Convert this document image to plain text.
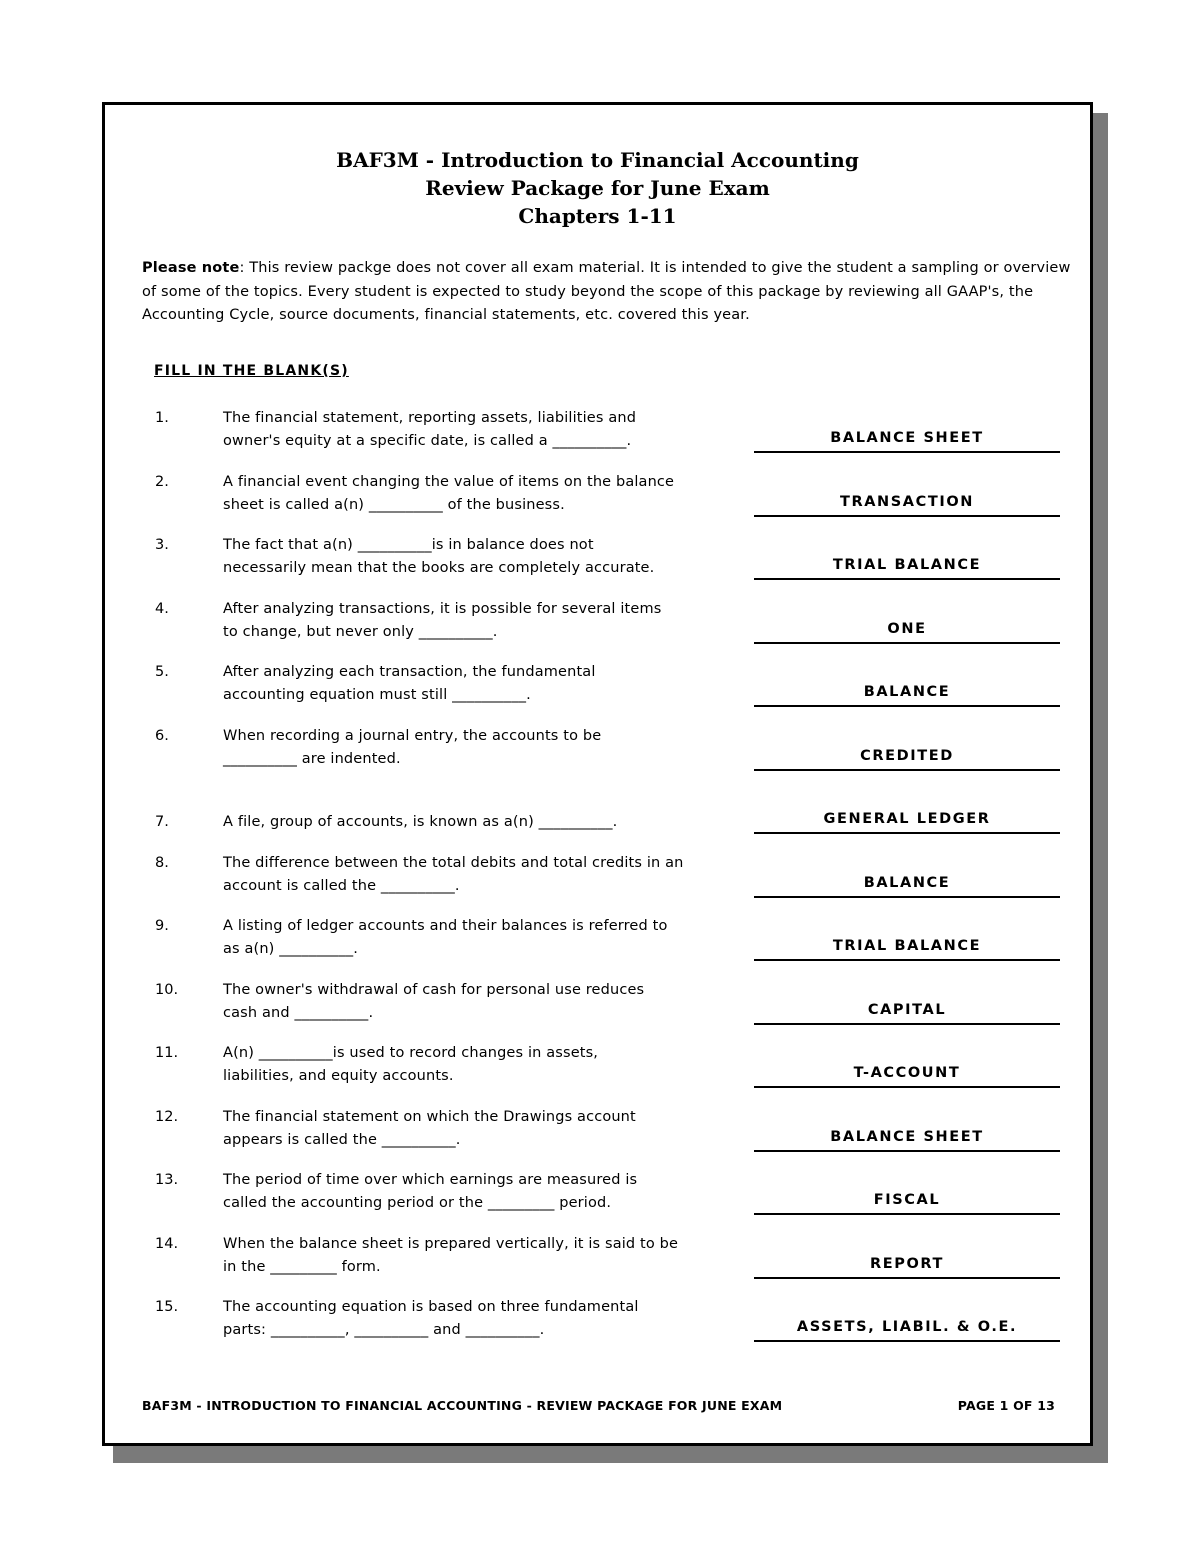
BAF3M - Introduction to Financial Accounting
Review Package for June Exam
Chapters 1-11
Please note: This review packge does not cover all exam material. It is intended to give the student a sampling or overview of some of the topics. Every student is expected to study beyond the scope of this package by reviewing all GAAP's, the Accounting Cycle, source documents, financial statements, etc. covered this year.
FILL IN THE BLANK(S)
1.	The financial statement, reporting assets, liabilities and
owner's equity at a specific date, is called a __________.	BALANCE SHEET
2.	A financial event changing the value of items on the balance
sheet is called a(n) __________ of the business.	TRANSACTION
3.	The fact that a(n) __________is in balance does not
necessarily mean that the books are completely accurate.	TRIAL BALANCE
4.	After analyzing transactions, it is possible for several items
to change, but never only __________.	ONE
5.	After analyzing each transaction, the fundamental
accounting equation must still __________.	BALANCE
6.	When recording a journal entry, the accounts to be
__________ are indented.	CREDITED
7.	A file, group of accounts, is known as a(n) __________.	GENERAL LEDGER
8.	The difference between the total debits and total credits in an
account is called the __________.	BALANCE
9.	A listing of ledger accounts and their balances is referred to
as a(n) __________.	TRIAL BALANCE
10.	The owner's withdrawal of cash for personal use reduces
cash and __________.	CAPITAL
11.	A(n) __________is used to record changes in assets,
liabilities, and equity accounts.	T-ACCOUNT
12.	The financial statement on which the Drawings account
appears is called the __________.	BALANCE SHEET
13.	The period of time over which earnings are measured is
called the accounting period or the _________ period.	FISCAL
14.	When the balance sheet is prepared vertically, it is said to be
in the _________ form.	REPORT
15.	The accounting equation is based on three fundamental
parts: __________, __________ and __________.	ASSETS, LIABIL. & O.E.
BAF3M - INTRODUCTION TO FINANCIAL ACCOUNTING - REVIEW PACKAGE FOR JUNE EXAM	PAGE 1 OF 13
